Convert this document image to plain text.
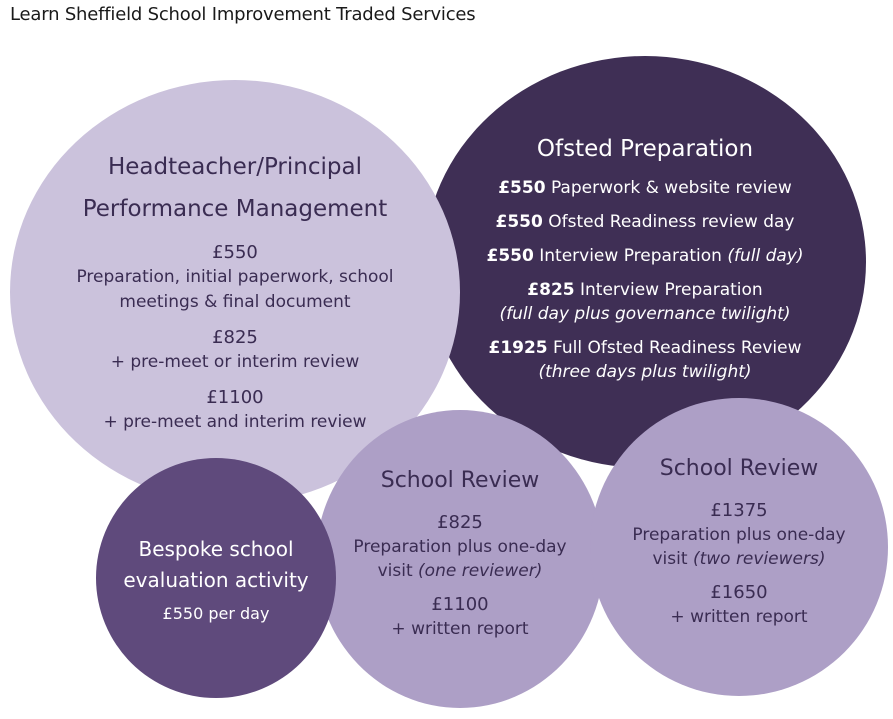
Learn Sheffield School Improvement Traded Services
Ofsted Preparation
£550 Paperwork & website review
£550 Ofsted Readiness review day
£550 Interview Preparation (full day)
£825 Interview Preparation
(full day plus governance twilight)
£1925 Full Ofsted Readiness Review
(three days plus twilight)
Headteacher/Principal
Performance Management
£550
Preparation, initial paperwork, school
meetings & final document
£825
+ pre-meet or interim review
£1100
+ pre-meet and interim review
School Review
£825
Preparation plus one-day
visit (one reviewer)
£1100
+ written report
School Review
£1375
Preparation plus one-day
visit (two reviewers)
£1650
+ written report
Bespoke school
evaluation activity
£550 per day
